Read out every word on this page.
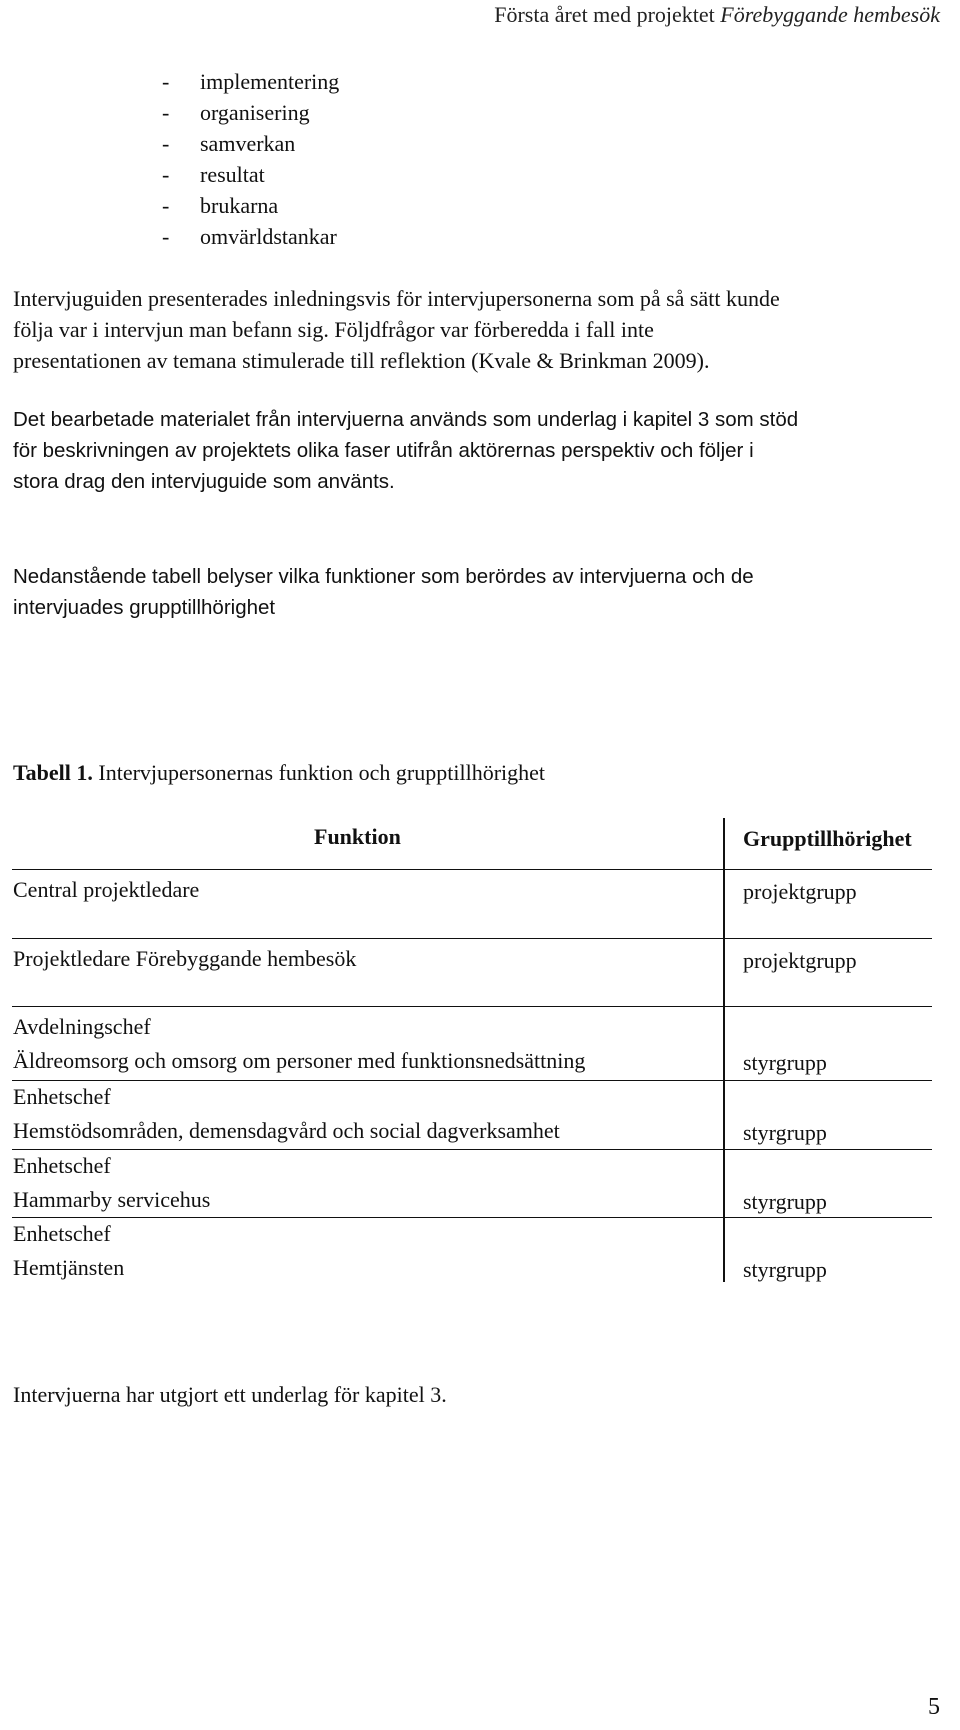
Första året med projektet Förebyggande hembesök
- implementering
- organisering
- samverkan
- resultat
- brukarna
- omvärldstankar
Intervjuguiden presenterades inledningsvis för intervjupersonerna som på så sätt kunde
följa var i intervjun man befann sig. Följdfrågor var förberedda i fall inte
presentationen av temana stimulerade till reflektion (Kvale & Brinkman 2009).
Det bearbetade materialet från intervjuerna används som underlag i kapitel 3 som stöd
för beskrivningen av projektets olika faser utifrån aktörernas perspektiv och följer i
stora drag den intervjuguide som använts.
Nedanstående tabell belyser vilka funktioner som berördes av intervjuerna och de
intervjuades grupptillhörighet
Tabell 1. Intervjupersonernas funktion och grupptillhörighet
Funktion	Grupptillhörighet
Central projektledare	projektgrupp
Projektledare Förebyggande hembesök	projektgrupp
Avdelningschef
Äldreomsorg och omsorg om personer med funktionsnedsättning	styrgrupp
Enhetschef
Hemstödsområden, demensdagvård och social dagverksamhet	styrgrupp
Enhetschef
Hammarby servicehus	styrgrupp
Enhetschef
Hemtjänsten	styrgrupp
Intervjuerna har utgjort ett underlag för kapitel 3.
5
